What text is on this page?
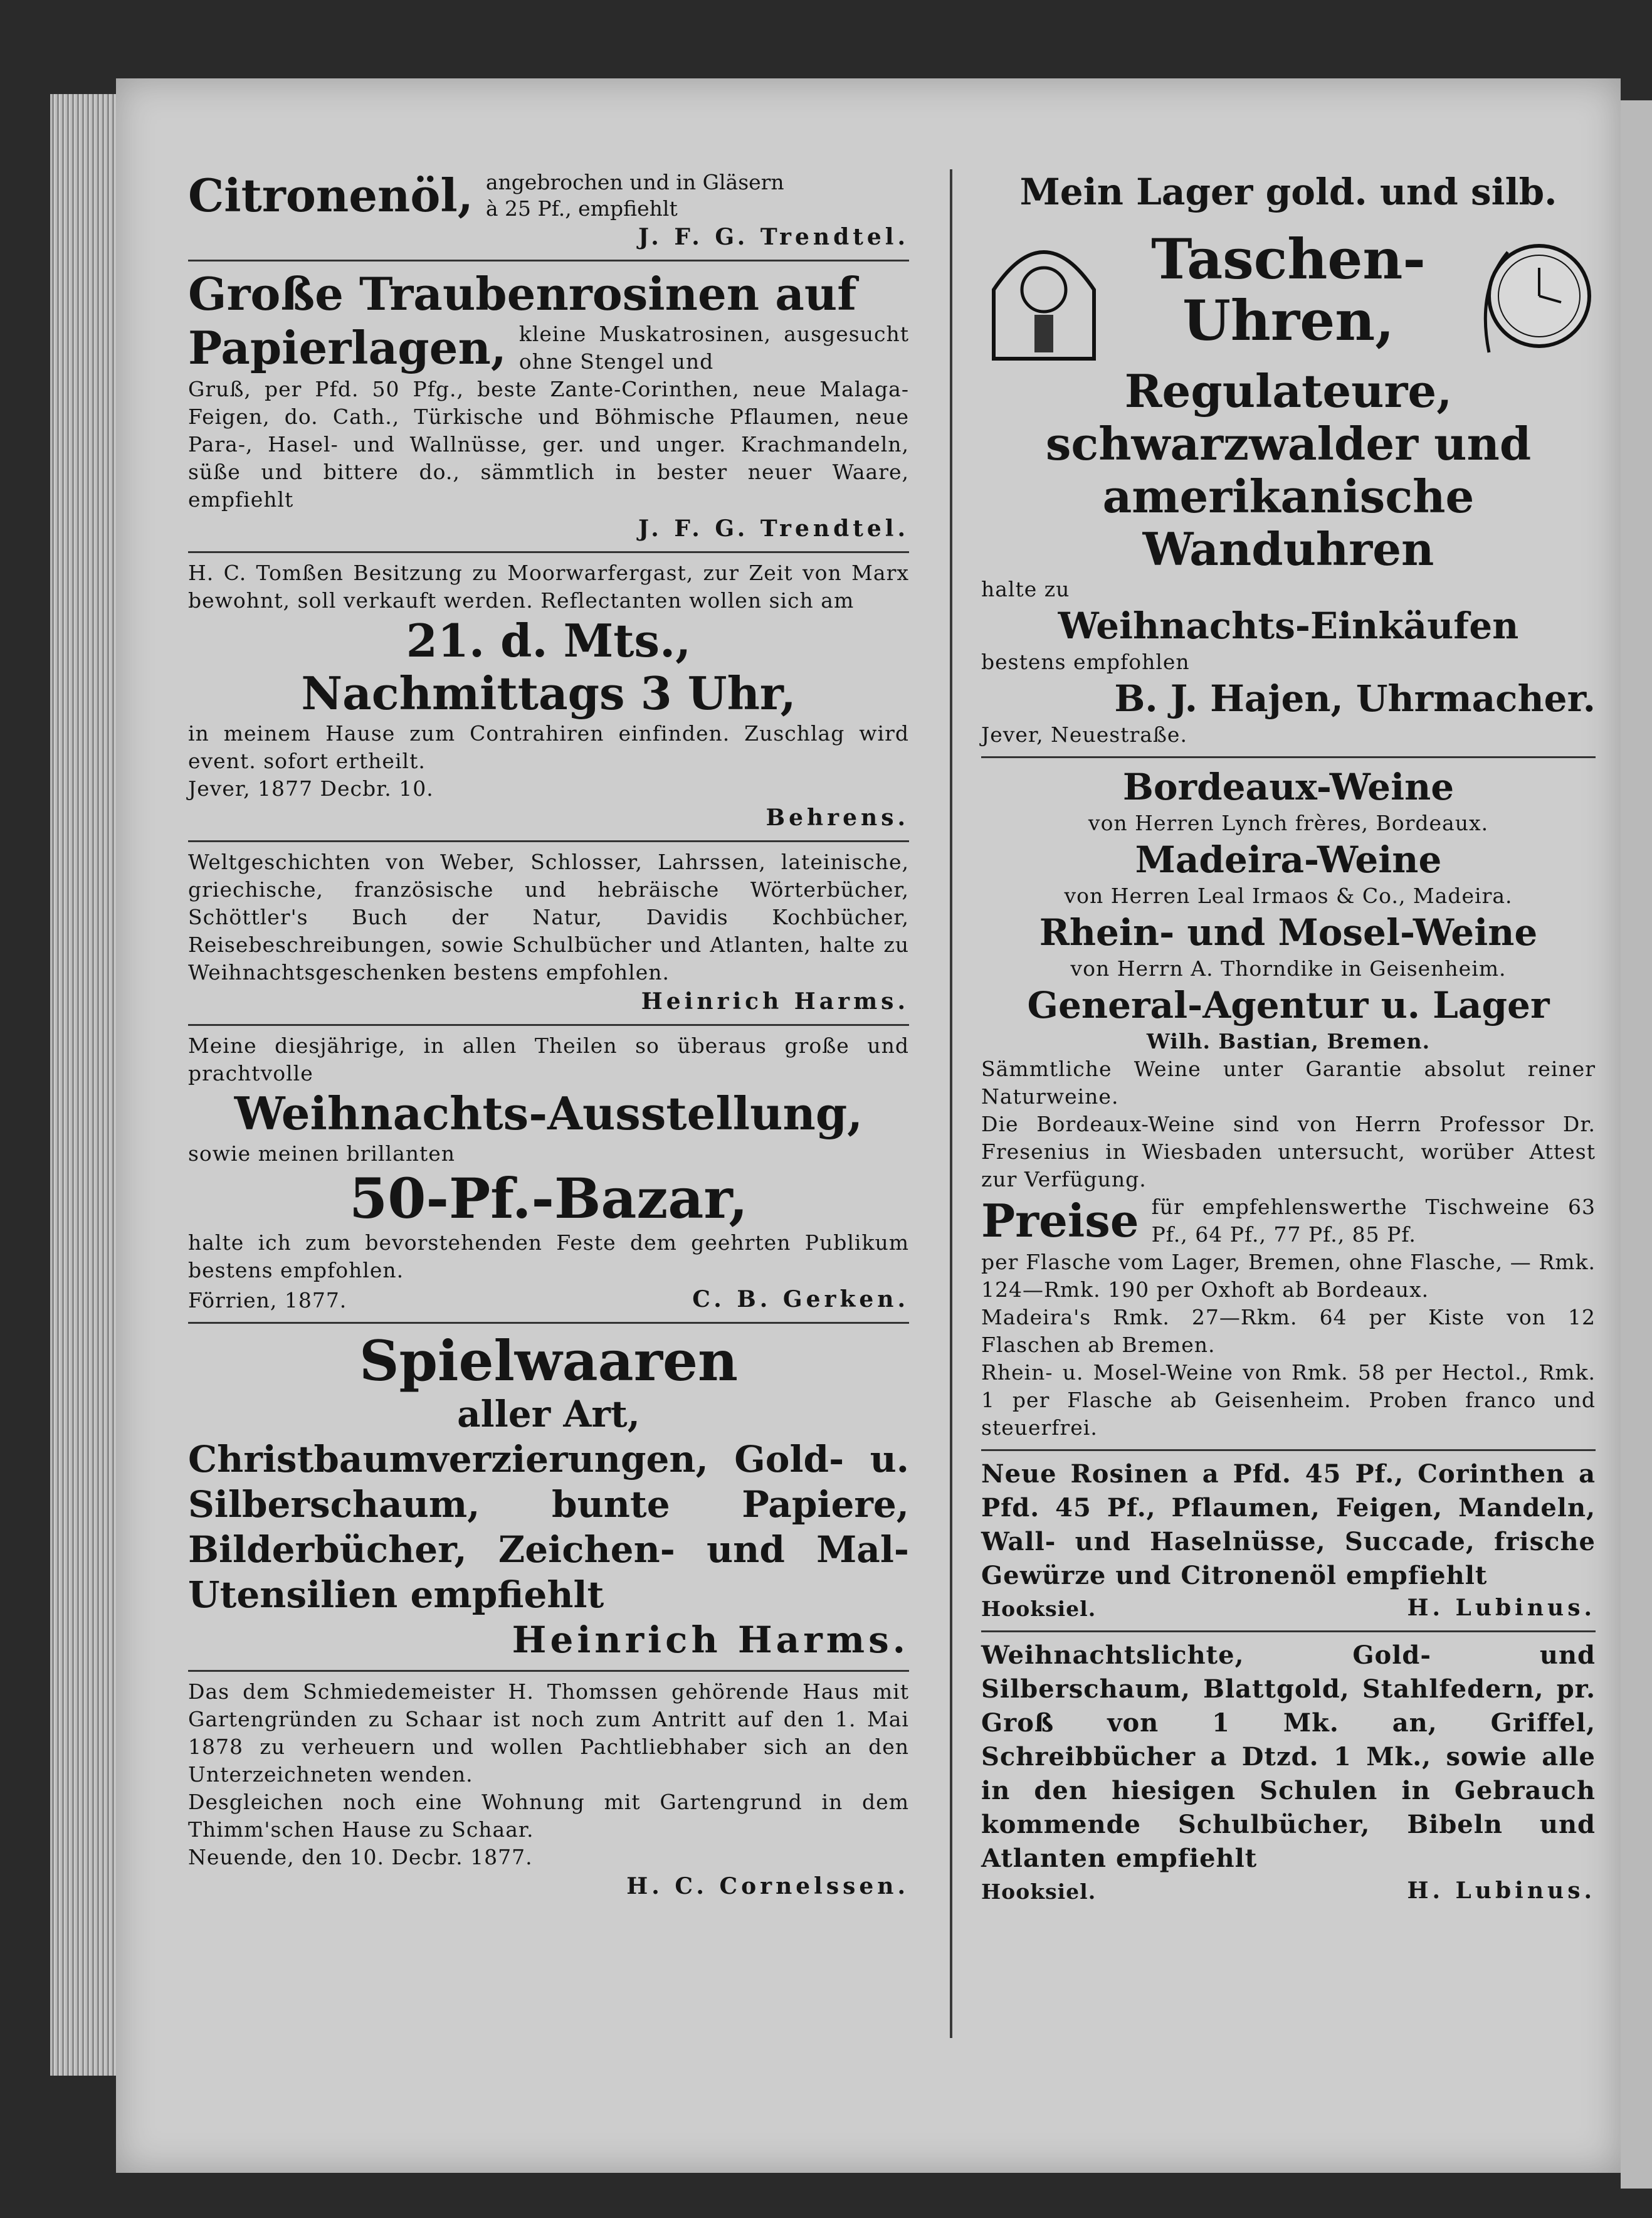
Citronenöl, angebrochen und in Gläsern
à 25 Pf., empfiehlt

J. F. G. Trendtel.

Große Traubenrosinen auf

Papierlagen, kleine Muskatrosinen, ausgesucht ohne Stengel und

Gruß, per Pfd. 50 Pfg., beste Zante-Corinthen, neue Malaga-Feigen, do. Cath., Türkische und Böhmische Pflaumen, neue Para-, Hasel- und Wallnüsse, ger. und unger. Krachmandeln, süße und bittere do., sämmtlich in bester neuer Waare, empfiehlt

J. F. G. Trendtel.

H. C. Tomßen Besitzung zu Moorwarfergast, zur Zeit von Marx bewohnt, soll verkauft werden. Reflectanten wollen sich am

21. d. Mts.,

Nachmittags 3 Uhr,

in meinem Hause zum Contrahiren einfinden. Zuschlag wird event. sofort ertheilt.

Jever, 1877 Decbr. 10.

Behrens.

Weltgeschichten von Weber, Schlosser, Lahrssen, lateinische, griechische, französische und hebräische Wörterbücher, Schöttler's Buch der Natur, Davidis Kochbücher, Reisebeschreibungen, sowie Schulbücher und Atlanten, halte zu Weihnachtsgeschenken bestens empfohlen.

Heinrich Harms.

Meine diesjährige, in allen Theilen so überaus große und prachtvolle

Weihnachts-Ausstellung,

sowie meinen brillanten

50-Pf.-Bazar,

halte ich zum bevorstehenden Feste dem geehrten Publikum bestens empfohlen.

Förrien, 1877.	C. B. Gerken.

Spielwaaren

aller Art,

Christbaumverzierungen, Gold- u. Silberschaum, bunte Papiere, Bilderbücher, Zeichen- und Mal-Utensilien empfiehlt

Heinrich Harms.

Das dem Schmiedemeister H. Thomssen gehörende Haus mit Gartengründen zu Schaar ist noch zum Antritt auf den 1. Mai 1878 zu verheuern und wollen Pachtliebhaber sich an den Unterzeichneten wenden.

Desgleichen noch eine Wohnung mit Gartengrund in dem Thimm'schen Hause zu Schaar.

Neuende, den 10. Decbr. 1877.

H. C. Cornelssen.

Mein Lager gold. und silb.

Taschen-
Uhren,

Regulateure, schwarzwalder und amerikanische

Wanduhren

halte zu

Weihnachts-Einkäufen

bestens empfohlen

B. J. Hajen, Uhrmacher.

Jever, Neuestraße.

Bordeaux-Weine

von Herren Lynch frères, Bordeaux.

Madeira-Weine

von Herren Leal Irmaos & Co., Madeira.

Rhein- und Mosel-Weine

von Herrn A. Thorndike in Geisenheim.

General-Agentur u. Lager

Wilh. Bastian, Bremen.

Sämmtliche Weine unter Garantie absolut reiner Naturweine.

Die Bordeaux-Weine sind von Herrn Professor Dr. Fresenius in Wiesbaden untersucht, worüber Attest zur Verfügung.

Preise für empfehlenswerthe Tischweine 63 Pf., 64 Pf., 77 Pf., 85 Pf.

per Flasche vom Lager, Bremen, ohne Flasche, — Rmk. 124—Rmk. 190 per Oxhoft ab Bordeaux.

Madeira's Rmk. 27—Rkm. 64 per Kiste von 12 Flaschen ab Bremen.

Rhein- u. Mosel-Weine von Rmk. 58 per Hectol., Rmk. 1 per Flasche ab Geisenheim. Proben franco und steuerfrei.

Neue Rosinen a Pfd. 45 Pf., Corinthen a Pfd. 45 Pf., Pflaumen, Feigen, Mandeln, Wall- und Haselnüsse, Succade, frische Gewürze und Citronenöl empfiehlt

Hooksiel.	H. Lubinus.

Weihnachtslichte, Gold- und Silberschaum, Blattgold, Stahlfedern, pr. Groß von 1 Mk. an, Griffel, Schreibbücher a Dtzd. 1 Mk., sowie alle in den hiesigen Schulen in Gebrauch kommende Schulbücher, Bibeln und Atlanten empfiehlt

Hooksiel.	H. Lubinus.
